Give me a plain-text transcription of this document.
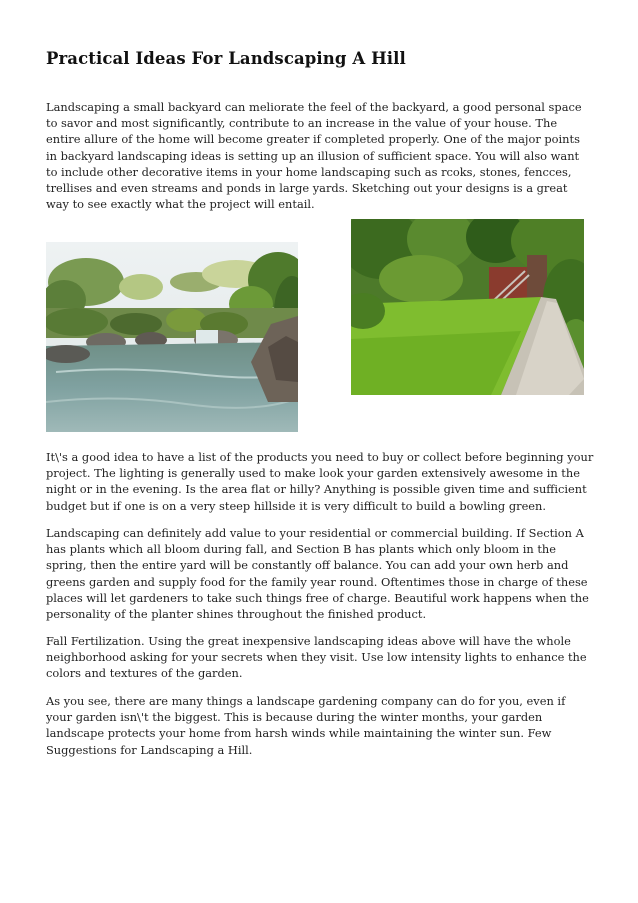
Practical Ideas For Landscaping A Hill

Landscaping a small backyard can meliorate the feel of the backyard, a good personal space to savor and most significantly, contribute to an increase in the value of your house. The entire allure of the home will become greater if completed properly. One of the major points in backyard landscaping ideas is setting up an illusion of sufficient space. You will also want to include other decorative items in your home landscaping such as rcoks, stones, fencces, trellises and even streams and ponds in large yards. Sketching out your designs is a great way to see exactly what the project will entail.

It\'s a good idea to have a list of the products you need to buy or collect before beginning your project. The lighting is generally used to make look your garden extensively awesome in the night or in the evening. Is the area flat or hilly? Anything is possible given time and sufficient budget but if one is on a very steep hillside it is very difficult to build a bowling green.

Landscaping can definitely add value to your residential or commercial building. If Section A has plants which all bloom during fall, and Section B has plants which only bloom in the spring, then the entire yard will be constantly off balance. You can add your own herb and greens garden and supply food for the family year round. Oftentimes those in charge of these places will let gardeners to take such things free of charge. Beautiful work happens when the personality of the planter shines throughout the finished product.

Fall Fertilization. Using the great inexpensive landscaping ideas above will have the whole neighborhood asking for your secrets when they visit. Use low intensity lights to enhance the colors and textures of the garden.

As you see, there are many things a landscape gardening company can do for you, even if your garden isn\'t the biggest. This is because during the winter months, your garden landscape protects your home from harsh winds while maintaining the winter sun. Few Suggestions for Landscaping a Hill.
